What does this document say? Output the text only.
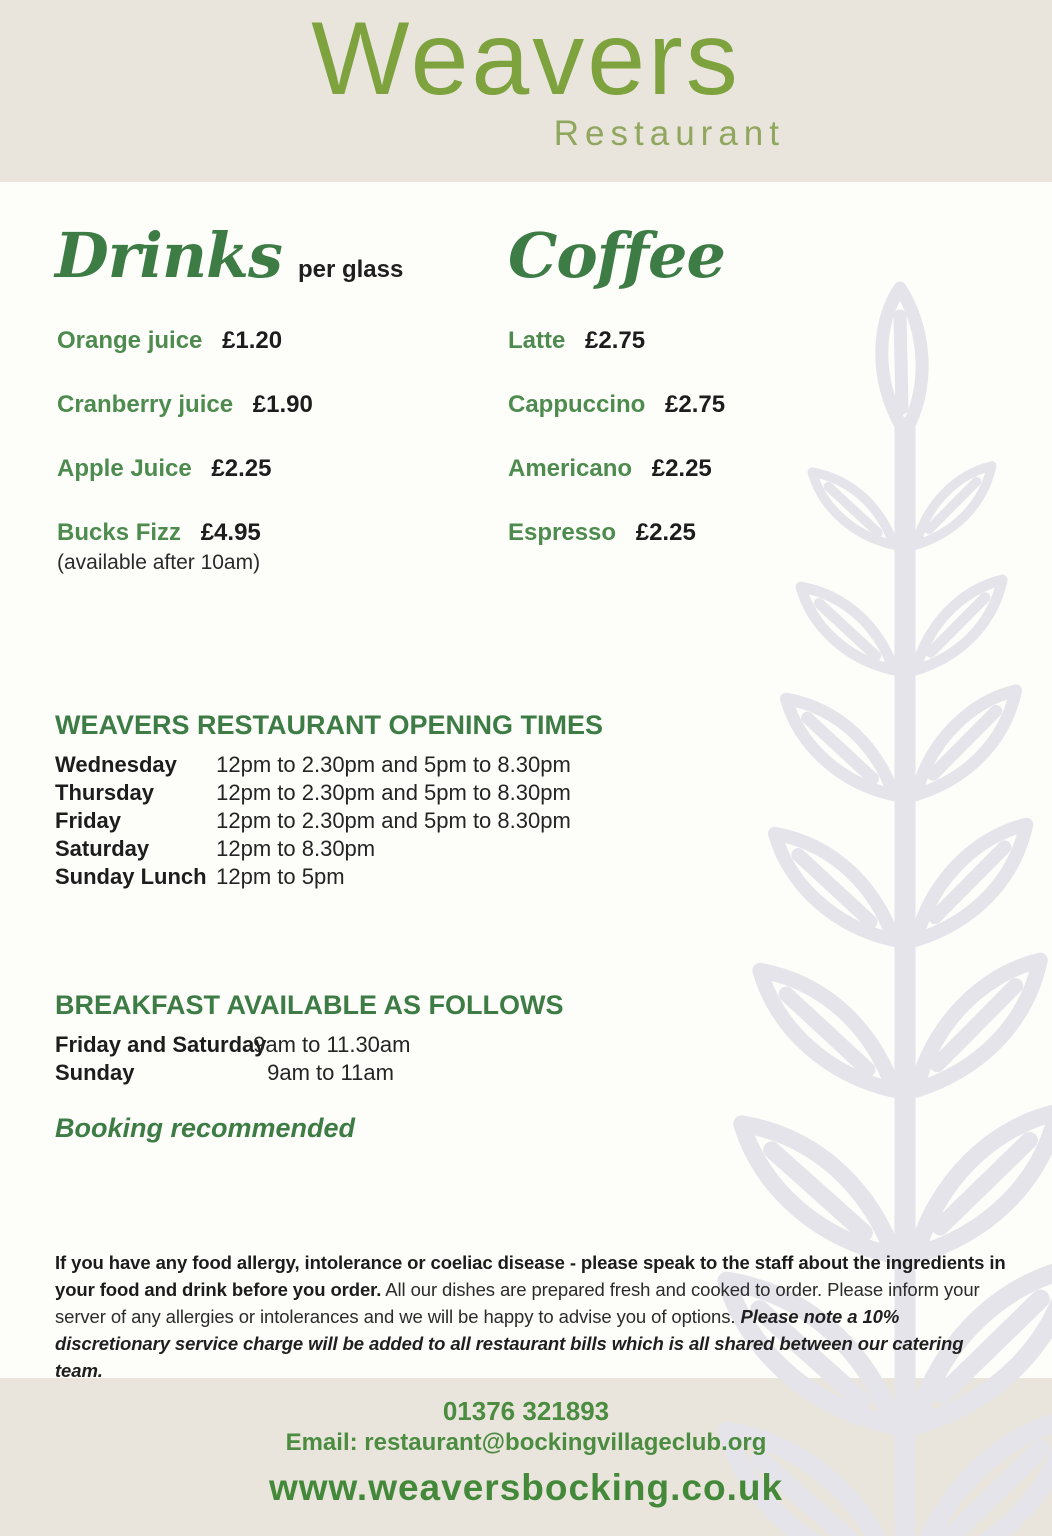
Weavers
Restaurant
Drinks per glass Coffee
Orange juice £1.20
Cranberry juice £1.90
Apple Juice £2.25
Bucks Fizz £4.95
(available after 10am)
Latte £2.75
Cappuccino £2.75
Americano £2.25
Espresso £2.25
WEAVERS RESTAURANT OPENING TIMES
Wednesday 12pm to 2.30pm and 5pm to 8.30pm
Thursday	12pm to 2.30pm and 5pm to 8.30pm
Friday	12pm to 2.30pm and 5pm to 8.30pm
Saturday	12pm to 8.30pm
Sunday Lunch 12pm to 5pm
BREAKFAST AVAILABLE AS FOLLOWS
Friday and Saturday 9am to 11.30am
Sunday	9am to 11am
Booking recommended

If you have any food allergy, intolerance or coeliac disease - please speak to the staff about the ingredients in your food and drink before you order. All our dishes are prepared fresh and cooked to order. Please inform your server of any allergies or intolerances and we will be happy to advise you of options. Please note a 10% discretionary service charge will be added to all restaurant bills which is all shared between our catering team.

01376 321893
Email: restaurant@bockingvillageclub.org
www.weaversbocking.co.uk
